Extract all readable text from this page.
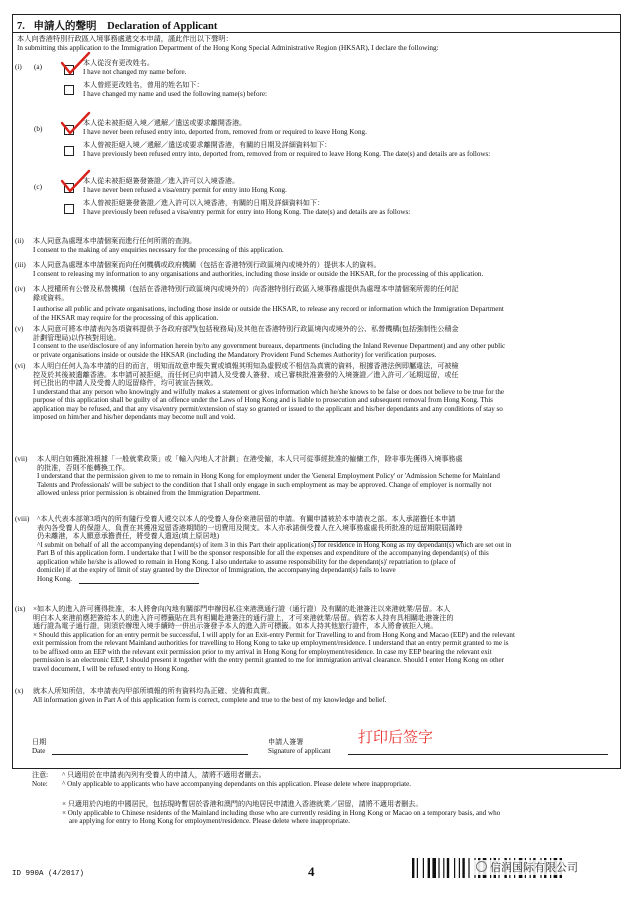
7. 申請人的聲明 Declaration of Applicant
本人向香港特別行政區入境事務處遞交本申請，謹此作出以下聲明：
In submitting this application to the Immigration Department of the Hong Kong Special Administrative Region (HKSAR), I declare the following:
(i) (a)	本人從沒有更改姓名。
I have not changed my name before.
本人曾經更改姓名，曾用的姓名如下：
I have changed my name and used the following name(s) before:
(b)
本人從未被拒絕入境／遞解／遣送或要求離開香港。
I have never been refused entry into, deported from, removed from or required to leave Hong Kong.
本人曾被拒絕入境／遞解／遣送或要求離開香港，有關的日期及詳細資料如下：
I have previously been refused entry into, deported from, removed from or required to leave Hong Kong. The date(s) and details are as follows:
(c)
本人從未被拒絕簽發簽證／進入許可以入境香港。
I have never been refused a visa/entry permit for entry into Hong Kong.
本人曾被拒絕簽發簽證／進入許可以入境香港，有關的日期及詳細資料如下：
I have previously been refused a visa/entry permit for entry into Hong Kong. The date(s) and details are as follows:
(ii) 本人同意為處理本申請個案而進行任何所需的查詢。
I consent to the making of any enquiries necessary for the processing of this application.
(iii) 本人同意為處理本申請個案而向任何機構或政府機關（包括在香港特別行政區境內或境外的）提供本人的資料。
I consent to releasing my information to any organisations and authorities, including those inside or outside the HKSAR, for the processing of this application.
(iv) 本人授權所有公營及私營機構（包括在香港特別行政區境內或境外的）向香港特別行政區入境事務處提供為處理本申請個案所需的任何記
錄或資料。
I authorise all public and private organisations, including those inside or outside the HKSAR, to release any record or information which the Immigration Department
of the HKSAR may require for the processing of this application.
(v) 本人同意可將本申請表內各項資料提供予各政府部門(包括稅務局)及其他在香港特別行政區境內或境外的公、私營機構(包括強制性公積金
計劃管理局)以作核對用途。
I consent to the use/disclosure of any information herein by/to any government bureaux, departments (including the Inland Revenue Department) and any other public
or private organisations inside or outside the HKSAR (including the Mandatory Provident Fund Schemes Authority) for verification purposes.
(vi) 本人明白任何人為本申請的目的而言，明知而故意申報失實或填報其明知為虛假或不相信為真實的資料，根據香港法例即屬違法，可被檢
控及於其後被遣離香港。本申請可被拒絕，而任何已向申請人及受養人簽發、或已審核批准簽發的入境簽證／進入許可／延期逗留，或任
何已批出的申請人及受養人的逗留條件，均可被宣告無效。
I understand that any person who knowingly and wilfully makes a statement or gives information which he/she knows to be false or does not believe to be true for the
purpose of this application shall be guilty of an offence under the Laws of Hong Kong and is liable to prosecution and subsequent removal from Hong Kong. This
application may be refused, and that any visa/entry permit/extension of stay so granted or issued to the applicant and his/her dependants and any conditions of stay so
imposed on him/her and his/her dependants may become null and void.
(vii) 本人明白如獲批准根據「一般就業政策」或「輸入內地人才計劃」在港受僱，本人只可從事經批准的僱傭工作，除非事先獲得入境事務處
的批准，否則不能轉換工作。
I understand that the permission given to me to remain in Hong Kong for employment under the 'General Employment Policy' or 'Admission Scheme for Mainland
Talents and Professionals' will be subject to the condition that I shall only engage in such employment as may be approved. Change of employer is normally not
allowed unless prior permission is obtained from the Immigration Department.
(viii) ^本人代表本部第3項內的所有隨行受養人遞交以本人的受養人身份來港居留的申請。有關申請被於本申請表之部。本人承諾擔任本申請
表內各受養人的保證人，負責在其獲准逗留香港期間的一切費用及開支。本人亦承諾倘受養人在入境事務處處長所批准的逗留期限屆滿時
仍未離港，本人願意承擔責任，將受養人遣返(填上原居地)
^I submit on behalf of all the accompanying dependant(s) of item 3 in this Part their application(s) for residence in Hong Kong as my dependant(s) which are set out in
Part B of this application form. I undertake that I will be the sponsor responsible for all the expenses and expenditure of the accompanying dependant(s) of this
application while he/she is allowed to remain in Hong Kong. I also undertake to assume responsibility for the dependant(s)' repatriation to (place of
domicile) if at the expiry of limit of stay granted by the Director of Immigration, the accompanying dependant(s) fails to leave
Hong Kong.
(ix) ×如本人的進入許可獲得批准，本人將會向內地有關部門申辦因私往來港澳通行證（通行證）及有關的赴港簽注以來港就業/居留。本人
明白本人來港前應把簽給本人的進入許可標籤貼在具有相關赴港簽注的通行證上，才可來港就業/居留。倘若本人持有具相關赴港簽注的
通行證為電子通行證，則須於辦理入境手續時一併出示簽發予本人的進入許可標籤。如本人持其他旅行證件，本人將會被拒入境。
× Should this application for an entry permit be successful, I will apply for an Exit-entry Permit for Travelling to and from Hong Kong and Macao (EEP) and the relevant
exit permission from the relevant Mainland authorities for travelling to Hong Kong to take up employment/residence. I understand that an entry permit granted to me is
to be affixed onto an EEP with the relevant exit permission prior to my arrival in Hong Kong for employment/residence. In case my EEP bearing the relevant exit
permission is an electronic EEP, I should present it together with the entry permit granted to me for immigration arrival clearance. Should I enter Hong Kong on other
travel document, I will be refused entry to Hong Kong.
(x) 就本人所知所信，本申請表內甲部所填報的所有資料均為正確、完備和真實。
All information given in Part A of this application form is correct, complete and true to the best of my knowledge and belief.
日期
Date
申請人簽署
Signature of applicant
打印后签字
注意:
Note:
^ 只適用於在申請表內列有受養人的申請人，請將不適用者刪去。
^ Only applicable to applicants who have accompanying dependants on this application. Please delete where inappropriate.
× 只適用於內地的中國居民，包括現時暫居於香港和澳門的內地居民申請進入香港就業／居留，請將不適用者刪去。
× Only applicable to Chinese residents of the Mainland including those who are currently residing in Hong Kong or Macao on a temporary basis, and who
are applying for entry to Hong Kong for employment/residence. Please delete where inappropriate.
ID 990A (4/2017)	4	信润国际有限公司
